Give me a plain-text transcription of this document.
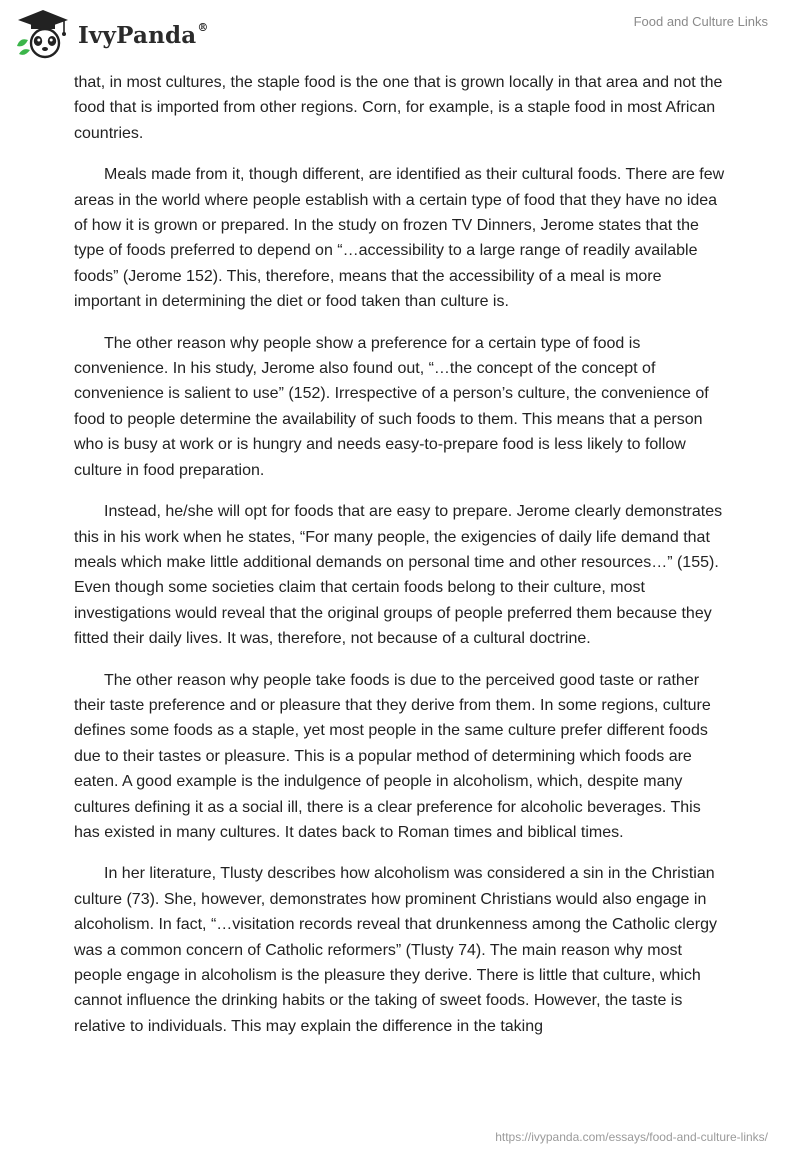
IvyPanda®	Food and Culture Links

that, in most cultures, the staple food is the one that is grown locally in that area and not the food that is imported from other regions. Corn, for example, is a staple food in most African countries.

Meals made from it, though different, are identified as their cultural foods. There are few areas in the world where people establish with a certain type of food that they have no idea of how it is grown or prepared. In the study on frozen TV Dinners, Jerome states that the type of foods preferred to depend on “…accessibility to a large range of readily available foods” (Jerome 152). This, therefore, means that the accessibility of a meal is more important in determining the diet or food taken than culture is.

The other reason why people show a preference for a certain type of food is convenience. In his study, Jerome also found out, “…the concept of the concept of convenience is salient to use” (152). Irrespective of a person’s culture, the convenience of food to people determine the availability of such foods to them. This means that a person who is busy at work or is hungry and needs easy-to-prepare food is less likely to follow culture in food preparation.

Instead, he/she will opt for foods that are easy to prepare. Jerome clearly demonstrates this in his work when he states, “For many people, the exigencies of daily life demand that meals which make little additional demands on personal time and other resources…” (155). Even though some societies claim that certain foods belong to their culture, most investigations would reveal that the original groups of people preferred them because they fitted their daily lives. It was, therefore, not because of a cultural doctrine.

The other reason why people take foods is due to the perceived good taste or rather their taste preference and or pleasure that they derive from them. In some regions, culture defines some foods as a staple, yet most people in the same culture prefer different foods due to their tastes or pleasure. This is a popular method of determining which foods are eaten. A good example is the indulgence of people in alcoholism, which, despite many cultures defining it as a social ill, there is a clear preference for alcoholic beverages. This has existed in many cultures. It dates back to Roman times and biblical times.

In her literature, Tlusty describes how alcoholism was considered a sin in the Christian culture (73). She, however, demonstrates how prominent Christians would also engage in alcoholism. In fact, “…visitation records reveal that drunkenness among the Catholic clergy was a common concern of Catholic reformers” (Tlusty 74). The main reason why most people engage in alcoholism is the pleasure they derive. There is little that culture, which cannot influence the drinking habits or the taking of sweet foods. However, the taste is relative to individuals. This may explain the difference in the taking

https://ivypanda.com/essays/food-and-culture-links/
